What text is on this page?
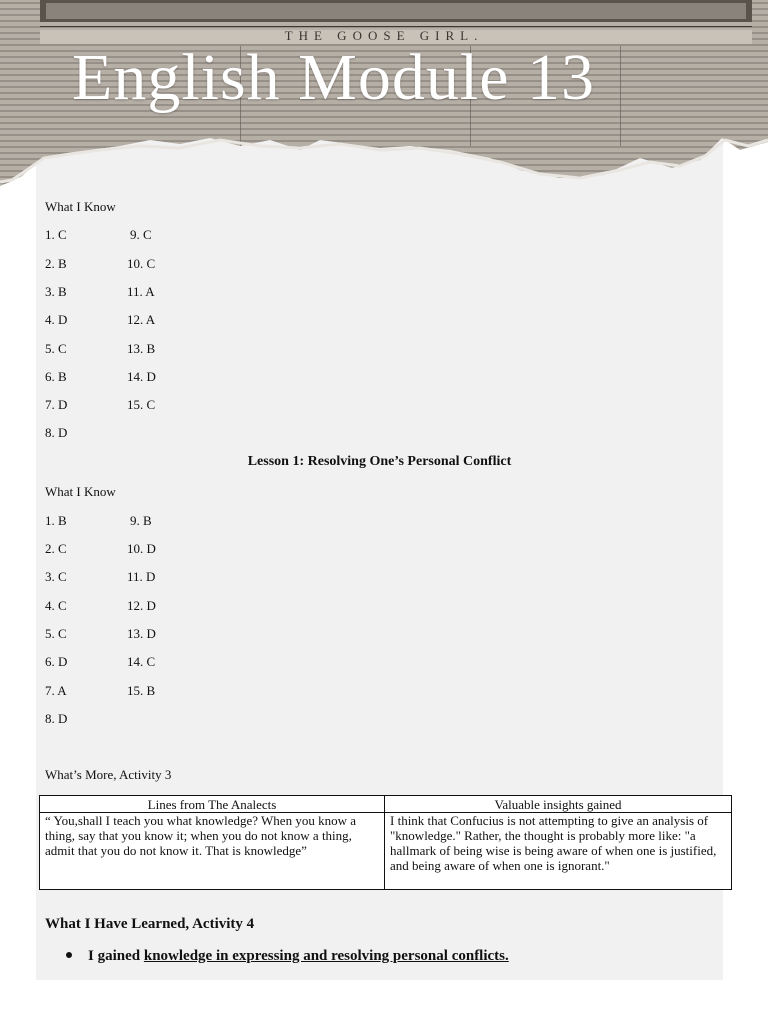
THE GOOSE GIRL.
English Module 13
What I Know
1. C
2. B
3. B
4. D
5. C
6. B
7. D
8. D
9. C
10. C
11. A
12. A
13. B
14. D
15. C
Lesson 1: Resolving One’s Personal Conflict
What I Know
1. B
2. C
3. C
4. C
5. C
6. D
7. A
8. D
9. B
10. D
11. D
12. D
13. D
14. C
15. B
What’s More, Activity 3
Lines from The Analects	Valuable insights gained
“ You,shall I teach you what knowledge? When you know a thing, say that you know it; when you do not know a thing, admit that you do not know it. That is knowledge”	I think that Confucius is not attempting to give an analysis of "knowledge." Rather, the thought is probably more like: "a hallmark of being wise is being aware of when one is justified, and being aware of when one is ignorant."
What I Have Learned, Activity 4
I gained knowledge in expressing and resolving personal conflicts.
